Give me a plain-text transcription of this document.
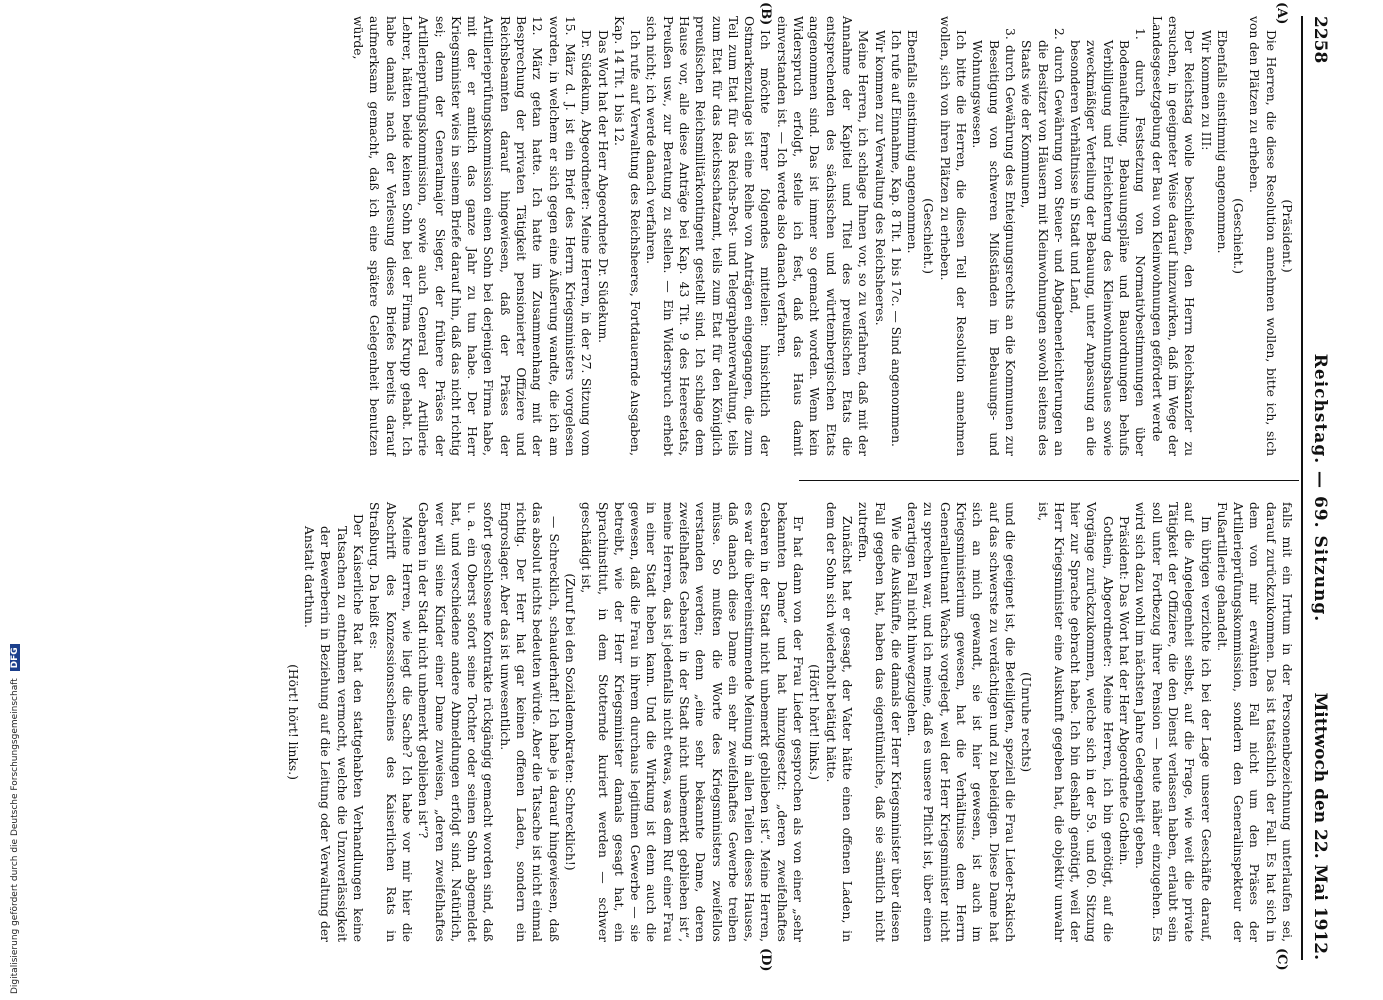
2258
Reichstag. — 69. Sitzung.
Mittwoch den 22. Mai 1912.
(A)
(B)
(C)
(D)

(Präsident.)

Die Herren, die diese Resolution annehmen wollen, bitte ich, sich von den Plätzen zu erheben.

(Geschieht.)

Ebenfalls einstimmig angenommen.

Wir kommen zu III:

Der Reichstag wolle beschließen, den Herrn Reichskanzler zu ersuchen, in geeigneter Weise darauf hinzuwirken, daß im Wege der Landesgesetzgebung der Bau von Kleinwohnungen gefördert werde

1. durch Festsetzung von Normativbestimmungen über Bodenaufteilung, Bebauungspläne und Bauordnungen behufs Verbilligung und Erleichterung des Kleinwohnungsbaues sowie zweckmäßiger Verteilung der Bebauung, unter Anpassung an die besonderen Verhältnisse in Stadt und Land,

2. durch Gewährung von Steuer- und Abgabenerleichterungen an die Besitzer von Häusern mit Kleinwohnungen sowohl seitens des Staats wie der Kommunen,

3. durch Gewährung des Enteignungsrechts an die Kommunen zur Beseitigung von schweren Mißständen im Bebauungs- und Wohnungswesen.

Ich bitte die Herren, die diesen Teil der Resolution annehmen wollen, sich von ihren Plätzen zu erheben.

(Geschieht.)

Ebenfalls einstimmig angenommen.

Ich rufe auf Einnahme, Kap. 8 Tit. 1 bis 17c. — Sind angenommen.

Wir kommen zur Verwaltung des Reichsheeres.

Meine Herren, ich schlage Ihnen vor, so zu verfahren, daß mit der Annahme der Kapitel und Titel des preußischen Etats die entsprechenden des sächsischen und württembergischen Etats angenommen sind. Das ist immer so gemacht worden. Wenn kein Widerspruch erfolgt, stelle ich fest, daß das Haus damit einverstanden ist. — Ich werde also danach verfahren.

Ich möchte ferner folgendes mitteilen: hinsichtlich der Ostmarkenzulage ist eine Reihe von Anträgen eingegangen, die zum Teil zum Etat für das Reichs-Post- und Telegraphenverwaltung, teils zum Etat für das Reichsschatzamt, teils zum Etat für den Königlich preußischen Reichsmilitärkontingent gestellt sind. Ich schlage dem Hause vor, alle diese Anträge bei Kap. 43 Tit. 9 des Heeresetats, Preußen usw., zur Beratung zu stellen. — Ein Widerspruch erhebt sich nicht; ich werde danach verfahren.

Ich rufe auf Verwaltung des Reichsheeres, Fortdauernde Ausgaben, Kap. 14 Tit. 1 bis 12.

Das Wort hat der Herr Abgeordnete Dr. Südekum.

Dr. Südekum, Abgeordneter: Meine Herren, in der 27. Sitzung vom 15. März d. J. ist ein Brief des Herrn Kriegsministers vorgelesen worden, in welchem er sich gegen eine Äußerung wandte, die ich am 12. März getan hatte. Ich hatte im Zusammenhang mit der Besprechung der privaten Tätigkeit pensionierter Offiziere und Reichsbeamten darauf hingewiesen, daß der Präses der Artillerieprüfungskommission einen Sohn bei derjenigen Firma habe, mit der er amtlich das ganze Jahr zu tun habe. Der Herr Kriegsminister wies in seinem Briefe darauf hin, daß das nicht richtig sei; denn der Generalmajor Sieger, der frühere Präses der Artillerieprüfungskommission, sowie auch General der Artillerie Lehrer, hätten beide keinen Sohn bei der Firma Krupp gehabt. Ich habe damals nach der Verlesung dieses Briefes bereits darauf aufmerksam gemacht, daß ich eine spätere Gelegenheit benutzen würde,

falls mit ein Irrtum in der Personenbezeichnung unterlaufen sei, darauf zurückzukommen. Das ist tatsächlich der Fall. Es hat sich in dem von mir erwähnten Fall nicht um den Präses der Artillerieprüfungskommission, sondern den Generalinspekteur der Fußartillerie gehandelt.

Im übrigen verzichte ich bei der Lage unserer Geschäfte darauf, auf die Angelegenheit selbst, auf die Frage, wie weit die private Tätigkeit der Offiziere, die den Dienst verlassen haben, erlaubt sein soll unter Fortbezug ihrer Pension — heute näher einzugehen. Es wird sich dazu wohl im nächsten Jahre Gelegenheit geben.

Präsident: Das Wort hat der Herr Abgeordnete Gothein.

Gothein, Abgeordneter: Meine Herren, ich bin genötigt, auf die Vorgänge zurückzukommen, welche sich in der 59. und 60. Sitzung hier zur Sprache gebracht habe. Ich bin deshalb genötigt, weil der Herr Kriegsminister eine Auskunft gegeben hat, die objektiv unwahr ist,

(Unruhe rechts)

und die geeignet ist, die Beteiligten, speziell die Frau Lieder-Rakisch auf das schwerste zu verdächtigen und zu beleidigen. Diese Dame hat sich an mich gewandt, sie ist hier gewesen, ist auch im Kriegsministerium gewesen, hat die Verhältnisse dem Herrn Generalleutnant Wachs vorgelegt, weil der Herr Kriegsminister nicht zu sprechen war, und ich meine, daß es unsere Pflicht ist, über einen derartigen Fall nicht hinwegzugehen.

Wie die Auskünfte, die damals der Herr Kriegsminister über diesen Fall gegeben hat, haben das eigentümliche, daß sie sämtlich nicht zutreffen.

Zunächst hat er gesagt, der Vater hätte einen offenen Laden, in dem der Sohn sich wiederholt betätigt hätte.

(Hört! hört! links.)

Er hat dann von der Frau Lieder gesprochen als von einer „sehr bekannten Dame“ und hat hinzugesetzt: „deren zweifelhaftes Gebaren in der Stadt nicht unbemerkt geblieben ist“. Meine Herren, es war die übereinstimmende Meinung in allen Teilen dieses Hauses, daß danach diese Dame ein sehr zweifelhaftes Gewerbe treiben müsse. So mußten die Worte des Kriegsministers zweifellos verstanden werden; denn „eine sehr bekannte Dame, deren zweifelhaftes Gebaren in der Stadt nicht unbemerkt geblieben ist“, meine Herren, das ist jedenfalls nicht etwas, was dem Ruf einer Frau in einer Stadt heben kann. Und die Wirkung ist denn auch die gewesen, daß die Frau in ihrem durchaus legitimen Gewerbe — sie betreibt, wie der Herr Kriegsminister damals gesagt hat, ein Sprachinstitut, in dem Stotternde kuriert werden — schwer geschädigt ist,

(Zuruf bei den Sozialdemokraten: Schrecklich!)

— Schrecklich, schauderhaft! Ich habe ja darauf hingewiesen, daß das absolut nichts bedeuten würde. Aber die Tatsache ist nicht einmal richtig. Der Herr hat gar keinen offenen Laden, sondern ein Engroslager. Aber das ist unwesentlich.

sofort geschlossene Kontrakte rückgängig gemacht worden sind, daß u. a. ein Oberst sofort seine Tochter oder seinen Sohn abgemeldet hat, und verschiedene andere Abmeldungen erfolgt sind. Natürlich, wer will seine Kinder einer Dame zuweisen, „deren zweifelhaftes Gebaren in der Stadt nicht unbemerkt geblieben ist“?

Meine Herren, wie liegt die Sache? Ich habe vor mir hier die Abschrift des Konzessionsscheines des Kaiserlichen Rats in Straßburg. Da heißt es:

Der Kaiserliche Rat hat den stattgehabten Verhandlungen keine Tatsachen zu entnehmen vermocht, welche die Unzuverlässigkeit der Bewerberin in Beziehung auf die Leitung oder Verwaltung der Anstalt darthun.

(Hört! hört! links.)

Digitalisierung gefördert durch die Deutsche Forschungsgemeinschaft DFG
